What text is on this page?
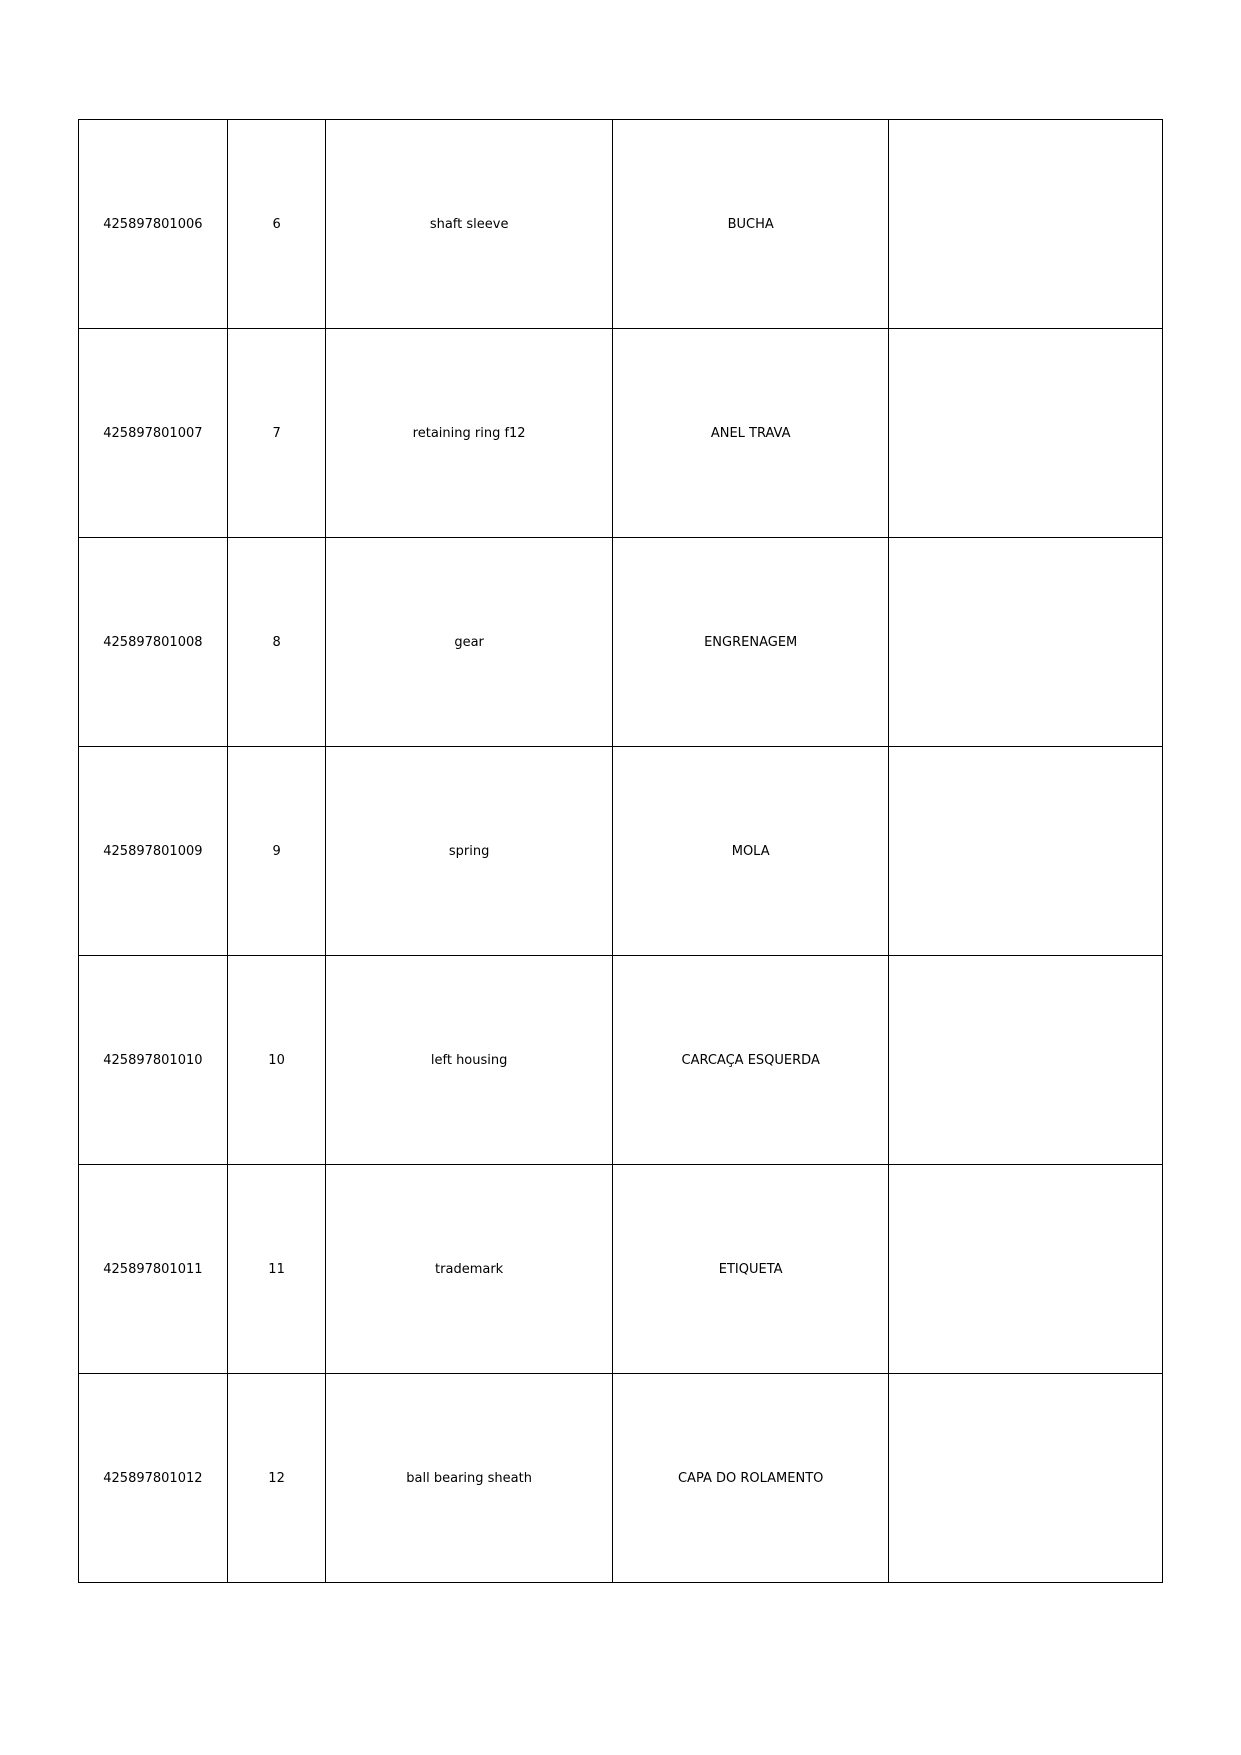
425897801006	6	shaft sleeve	BUCHA	
425897801007	7	retaining ring f12	ANEL TRAVA	
425897801008	8	gear	ENGRENAGEM	
425897801009	9	spring	MOLA	
425897801010	10	left housing	CARCAÇA ESQUERDA	
425897801011	11	trademark	ETIQUETA	
425897801012	12	ball bearing sheath	CAPA DO ROLAMENTO	
